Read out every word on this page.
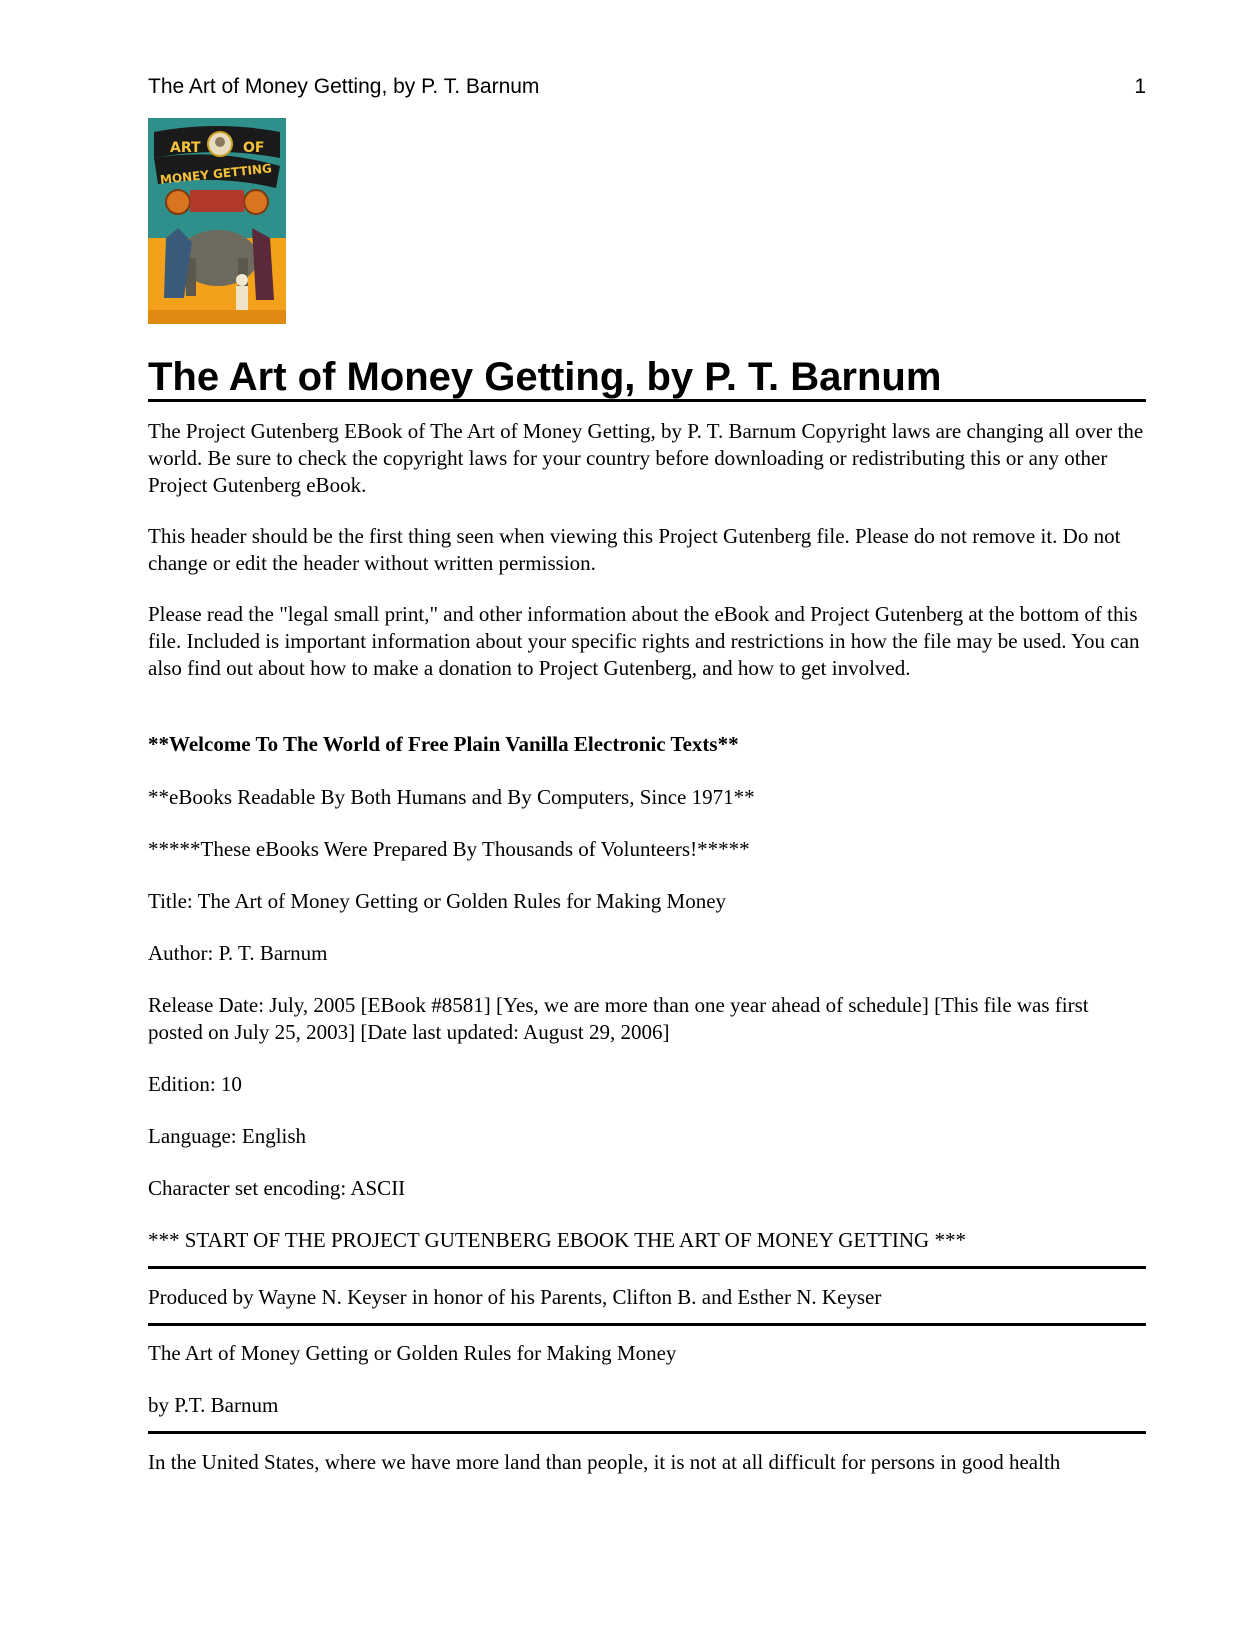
The Art of Money Getting, by P. T. Barnum	1
ART	OF
MONEY GETTING
The Art of Money Getting, by P. T. Barnum

The Project Gutenberg EBook of The Art of Money Getting, by P. T. Barnum Copyright laws are changing all over the world. Be sure to check the copyright laws for your country before downloading or redistributing this or any other Project Gutenberg eBook.

This header should be the first thing seen when viewing this Project Gutenberg file. Please do not remove it. Do not change or edit the header without written permission.

Please read the "legal small print," and other information about the eBook and Project Gutenberg at the bottom of this file. Included is important information about your specific rights and restrictions in how the file may be used. You can also find out about how to make a donation to Project Gutenberg, and how to get involved.

**Welcome To The World of Free Plain Vanilla Electronic Texts**

**eBooks Readable By Both Humans and By Computers, Since 1971**

*****These eBooks Were Prepared By Thousands of Volunteers!*****

Title: The Art of Money Getting or Golden Rules for Making Money

Author: P. T. Barnum

Release Date: July, 2005 [EBook #8581] [Yes, we are more than one year ahead of schedule] [This file was first posted on July 25, 2003] [Date last updated: August 29, 2006]

Edition: 10

Language: English

Character set encoding: ASCII

*** START OF THE PROJECT GUTENBERG EBOOK THE ART OF MONEY GETTING ***

Produced by Wayne N. Keyser in honor of his Parents, Clifton B. and Esther N. Keyser

The Art of Money Getting or Golden Rules for Making Money

by P.T. Barnum

In the United States, where we have more land than people, it is not at all difficult for persons in good health
